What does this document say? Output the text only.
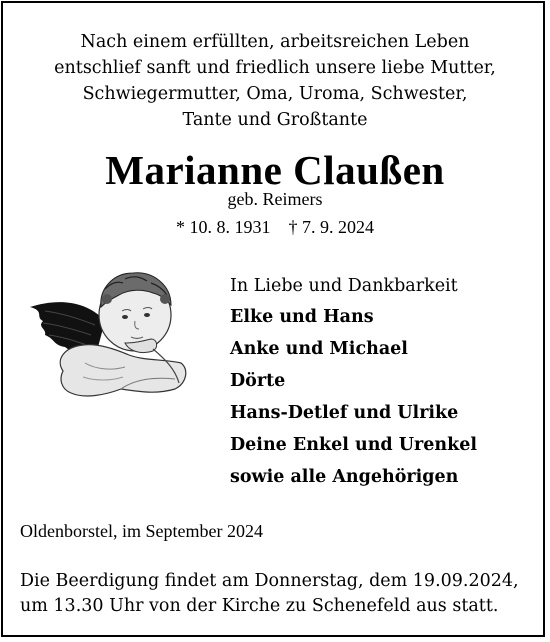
Nach einem erfüllten, arbeitsreichen Leben
entschlief sanft und friedlich unsere liebe Mutter,
Schwiegermutter, Oma, Uroma, Schwester,
Tante und Großtante
Marianne Claußen
geb. Reimers
* 10. 8. 1931 † 7. 9. 2024
In Liebe und Dankbarkeit
Elke und Hans
Anke und Michael
Dörte
Hans-Detlef und Ulrike
Deine Enkel und Urenkel
sowie alle Angehörigen
Oldenborstel, im September 2024
Die Beerdigung findet am Donnerstag, dem 19.09.2024,
um 13.30 Uhr von der Kirche zu Schenefeld aus statt.
